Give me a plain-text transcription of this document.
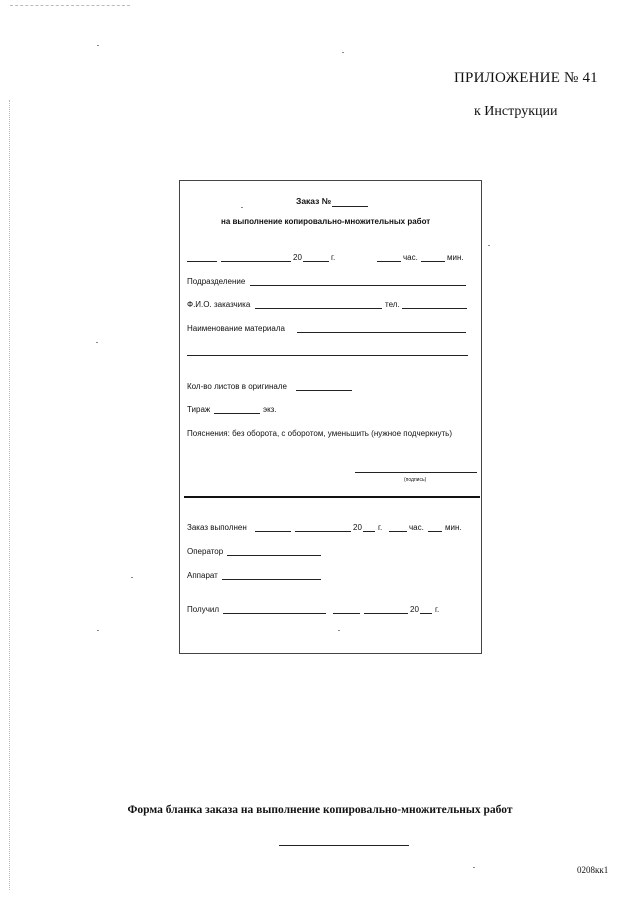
ПРИЛОЖЕНИЕ № 41
к Инструкции
Заказ №
на выполнение копировально-множительных работ
20	г.	час.	мин.
Подразделение
Ф.И.О. заказчика	тел.
Наименование материала
Кол-во листов в оригинале
Тираж	экз.
Пояснения: без оборота, с оборотом, уменьшить (нужное подчеркнуть)
(подпись)
Заказ выполнен	20 г.	час.	мин.
Оператор
Аппарат
Получил	20 г.
Форма бланка заказа на выполнение копировально-множительных работ
0208кк1
